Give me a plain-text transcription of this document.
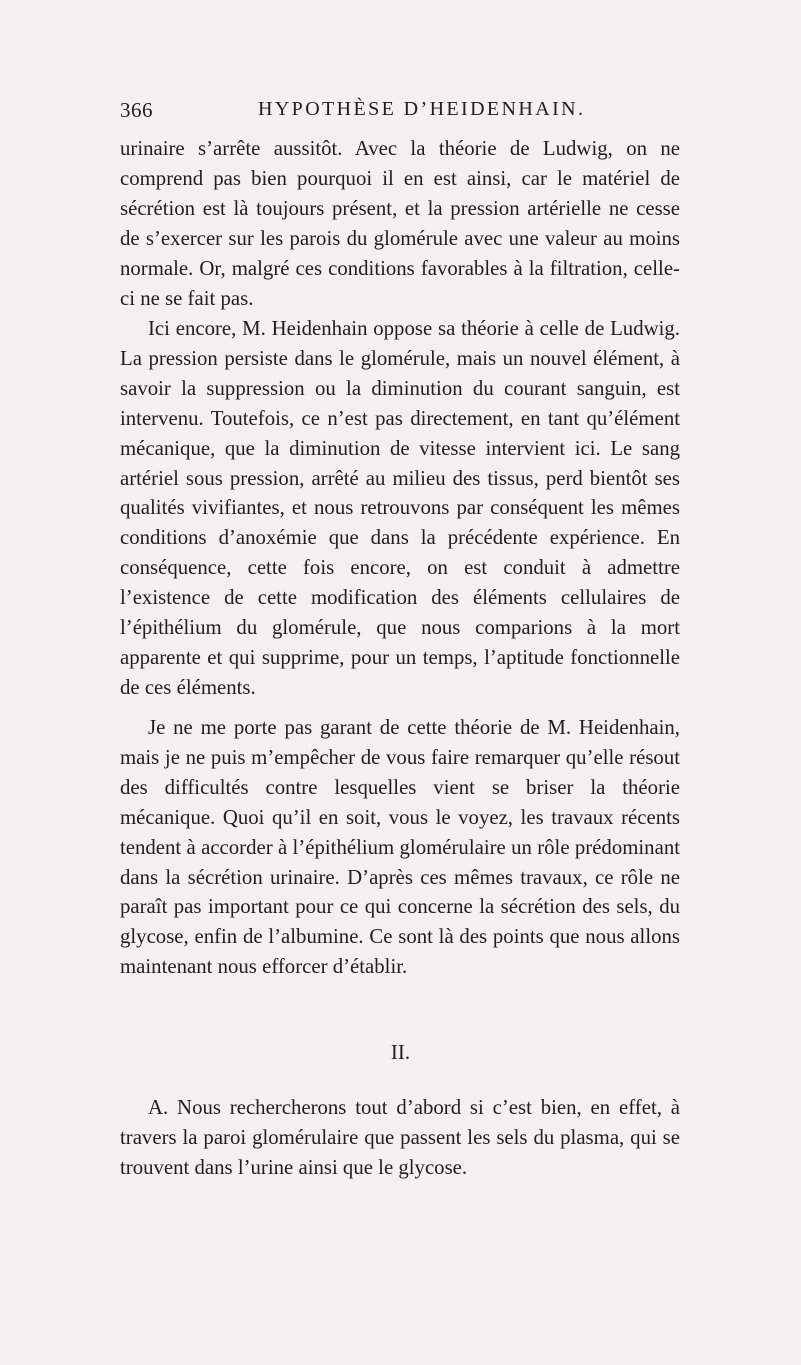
366	HYPOTHÈSE D’HEIDENHAIN.

urinaire s’arrête aussitôt. Avec la théorie de Ludwig, on ne comprend pas bien pourquoi il en est ainsi, car le matériel de sécrétion est là toujours présent, et la pression artérielle ne cesse de s’exercer sur les parois du glomérule avec une valeur au moins normale. Or, malgré ces conditions favorables à la filtration, celle-ci ne se fait pas.

Ici encore, M. Heidenhain oppose sa théorie à celle de Ludwig. La pression persiste dans le glomérule, mais un nouvel élément, à savoir la suppression ou la diminution du courant sanguin, est intervenu. Toutefois, ce n’est pas directement, en tant qu’élément mécanique, que la diminution de vitesse intervient ici. Le sang artériel sous pression, arrêté au milieu des tissus, perd bientôt ses qualités vivifiantes, et nous retrouvons par conséquent les mêmes conditions d’anoxémie que dans la précédente expérience. En conséquence, cette fois encore, on est conduit à admettre l’existence de cette modification des éléments cellulaires de l’épithélium du glomérule, que nous comparions à la mort apparente et qui supprime, pour un temps, l’aptitude fonctionnelle de ces éléments.

Je ne me porte pas garant de cette théorie de M. Heidenhain, mais je ne puis m’empêcher de vous faire remarquer qu’elle résout des difficultés contre lesquelles vient se briser la théorie mécanique. Quoi qu’il en soit, vous le voyez, les travaux récents tendent à accorder à l’épithélium glomérulaire un rôle prédominant dans la sécrétion urinaire. D’après ces mêmes travaux, ce rôle ne paraît pas important pour ce qui concerne la sécrétion des sels, du glycose, enfin de l’albumine. Ce sont là des points que nous allons maintenant nous efforcer d’établir.

II.

A. Nous rechercherons tout d’abord si c’est bien, en effet, à travers la paroi glomérulaire que passent les sels du plasma, qui se trouvent dans l’urine ainsi que le glycose.
